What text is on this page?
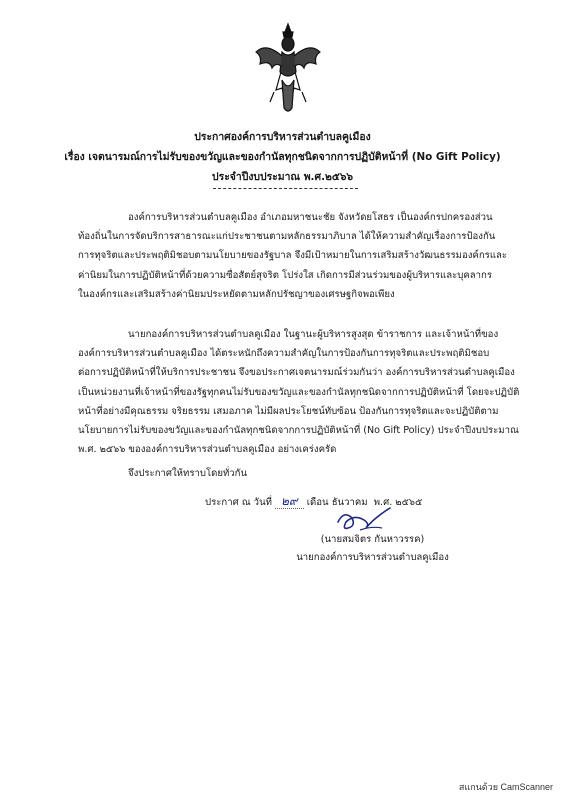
ประกาศองค์การบริหารส่วนตำบลคูเมือง
เรื่อง เจตนารมณ์การไม่รับของขวัญและของกำนัลทุกชนิดจากการปฏิบัติหน้าที่ (No Gift Policy)
ประจำปีงบประมาณ พ.ศ.๒๕๖๖
องค์การบริหารส่วนตำบลคูเมือง อำเภอมหาชนะชัย จังหวัดยโสธร เป็นองค์กรปกครองส่วน
ท้องถิ่นในการจัดบริการสาธารณะแก่ประชาชนตามหลักธรรมาภิบาล ได้ให้ความสำคัญเรื่องการป้องกัน
การทุจริตและประพฤติมิชอบตามนโยบายของรัฐบาล จึงมีเป้าหมายในการเสริมสร้างวัฒนธรรมองค์กรและ
ค่านิยมในการปฏิบัติหน้าที่ด้วยความซื่อสัตย์สุจริต โปร่งใส เกิดการมีส่วนร่วมของผู้บริหารและบุคลากร
ในองค์กรและเสริมสร้างค่านิยมประหยัดตามหลักปรัชญาของเศรษฐกิจพอเพียง
นายกองค์การบริหารส่วนตำบลคูเมือง ในฐานะผู้บริหารสูงสุด ข้าราชการ และเจ้าหน้าที่ของ
องค์การบริหารส่วนตำบลคูเมือง ได้ตระหนักถึงความสำคัญในการป้องกันการทุจริตและประพฤติมิชอบ
ต่อการปฏิบัติหน้าที่ให้บริการประชาชน จึงขอประกาศเจตนารมณ์ร่วมกันว่า องค์การบริหารส่วนตำบลคูเมือง
เป็นหน่วยงานที่เจ้าหน้าที่ของรัฐทุกคนไม่รับของขวัญและของกำนัลทุกชนิดจากการปฏิบัติหน้าที่ โดยจะปฏิบัติ
หน้าที่อย่างมีคุณธรรม จริยธรรม เสมอภาค ไม่มีผลประโยชน์ทับซ้อน ป้องกันการทุจริตและจะปฏิบัติตาม
นโยบายการไม่รับของขวัญและของกำนัลทุกชนิดจากการปฏิบัติหน้าที่ (No Gift Policy) ประจำปีงบประมาณ
พ.ศ. ๒๕๖๖ ขององค์การบริหารส่วนตำบลคูเมือง อย่างเคร่งครัด
จึงประกาศให้ทราบโดยทั่วกัน
ประกาศ ณ วันที่ ๒๙ เดือน ธันวาคม พ.ศ. ๒๕๖๕
(นายสมจิตร กันหาวรรค)
นายกองค์การบริหารส่วนตำบลคูเมือง
สแกนด้วย CamScanner
